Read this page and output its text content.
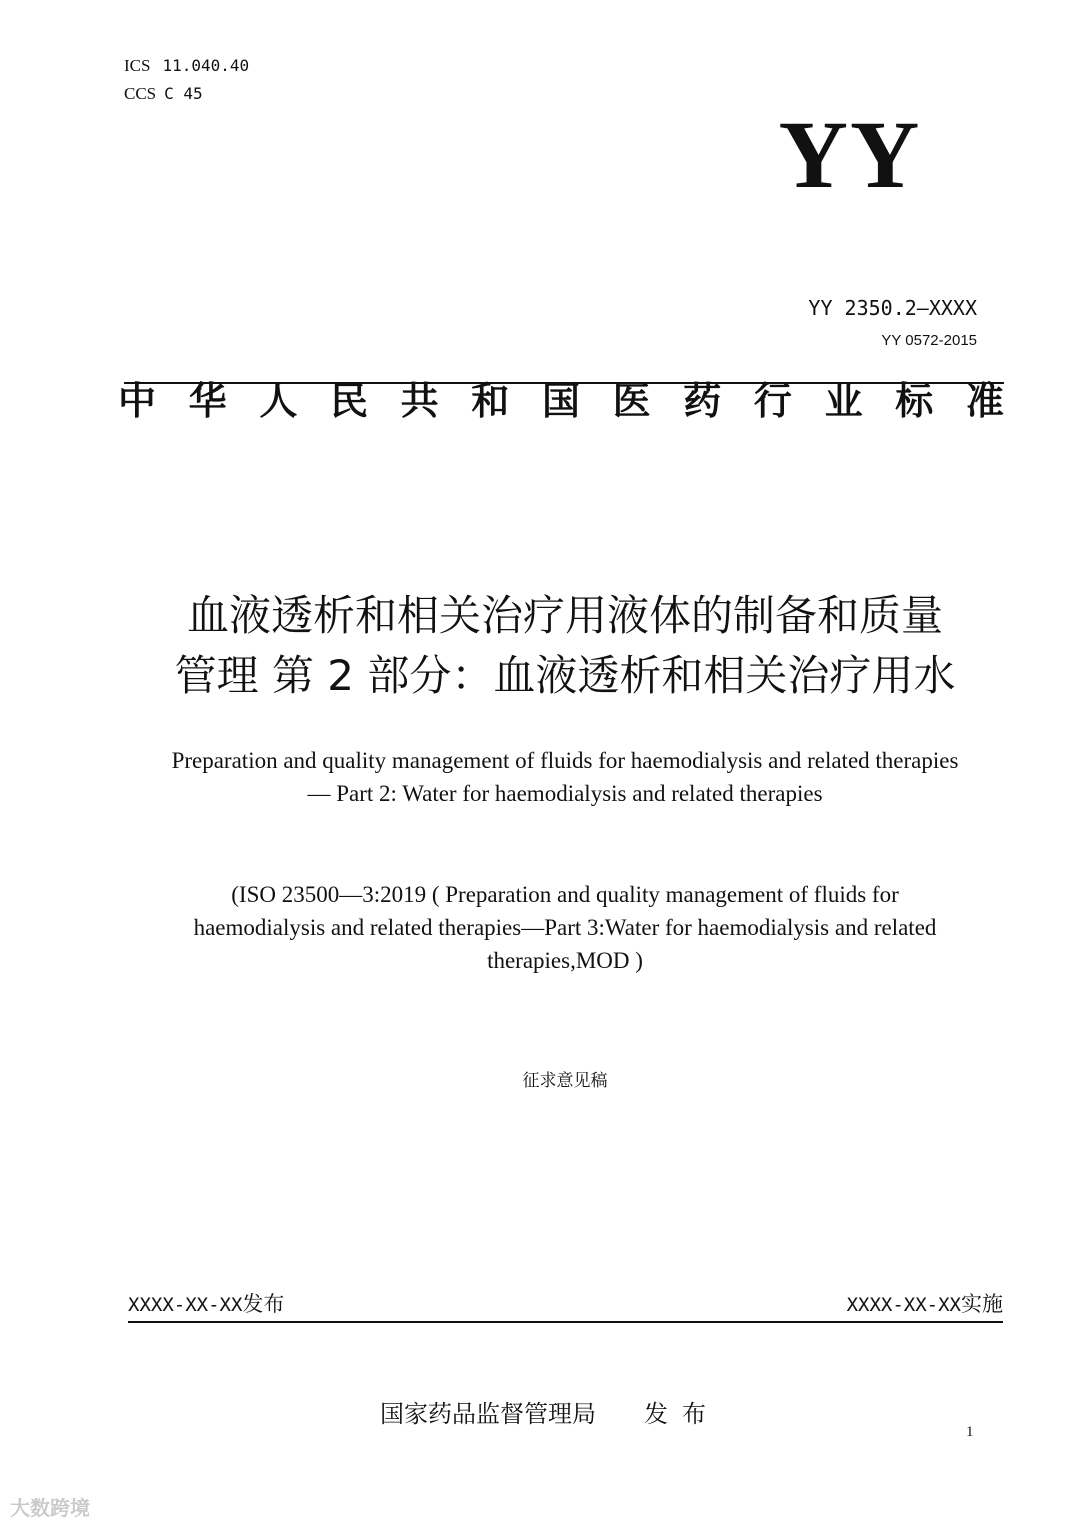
ICS 11.040.40
CCS C 45
YY
YY 2350.2—XXXX
YY 0572-2015
中 华 人 民 共 和 国 医 药 行 业 标 准
血液透析和相关治疗用液体的制备和质量
管理 第 2 部分：血液透析和相关治疗用水
Preparation and quality management of fluids for haemodialysis and related therapies
— Part 2: Water for haemodialysis and related therapies
(ISO 23500—3:2019 ( Preparation and quality management of fluids for
haemodialysis and related therapies—Part 3:Water for haemodialysis and related
therapies,MOD )
征求意见稿
XXXX-XX-XX发布	XXXX-XX-XX实施
国家药品监督管理局 发布
1
大数跨境
